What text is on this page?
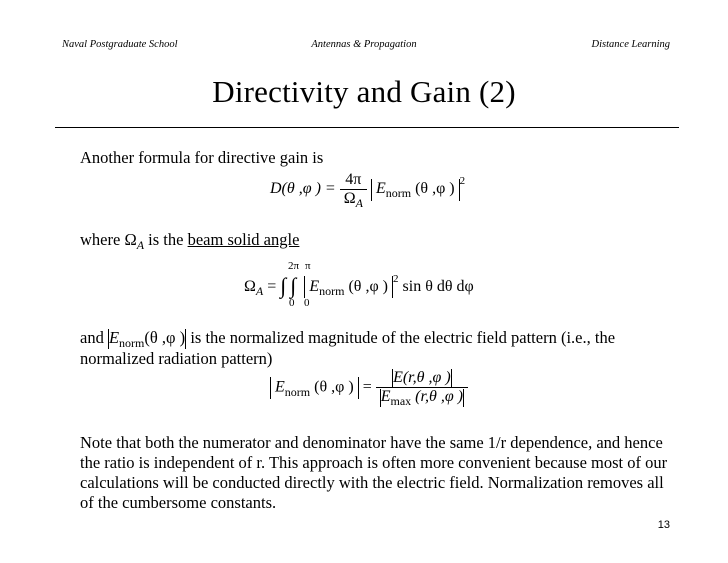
Naval Postgraduate School	Antennas & Propagation	Distance Learning
Directivity and Gain (2)
Another formula for directive gain is
D(θ ,φ ) = $\frac{4\pi}{\Omega_A} E_{norm}$ (θ ,φ ) $^2$
where $\Omega_A$ is the beam solid angle
2π π
0 0
$\Omega_A$ = ∫ ∫ $E_{norm}$ (θ ,φ ) $^2$ sin θ dθ dφ
and $E_{norm}(\theta$ ,φ ) is the normalized magnitude of the electric field pattern (i.e., the
normalized radiation pattern)
$E_{norm}$ (θ ,φ ) = $\frac{E(r,\theta ,\varphi )}{E_{max} (r,\theta ,\varphi )}$
Note that both the numerator and denominator have the same 1/r dependence, and hence
the ratio is independent of r. This approach is often more convenient because most of our
calculations will be conducted directly with the electric field. Normalization removes all
of the cumbersome constants.
13
